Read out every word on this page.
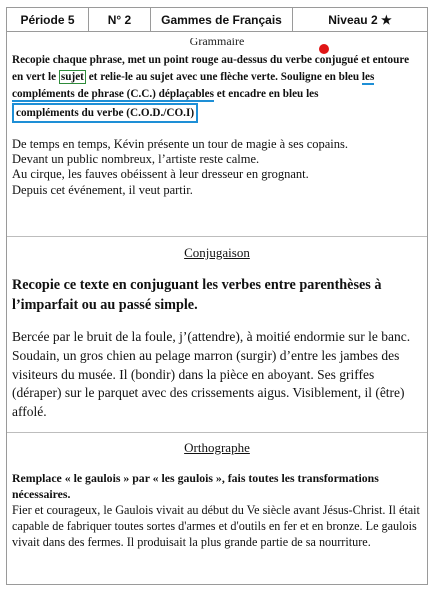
Période 5	N° 2	Gammes de Français	Niveau 2 ★
Grammaire
Recopie chaque phrase, met un point rouge au-dessus du verbe conjugué et entoure en vert le sujet et relie-le au sujet avec une flèche verte. Souligne en bleu les compléments de phrase (C.C.) déplaçables et encadre en bleu les
compléments du verbe (C.O.D./CO.I)
De temps en temps, Kévin présente un tour de magie à ses copains.
Devant un public nombreux, l’artiste reste calme.
Au cirque, les fauves obéissent à leur dresseur en grognant.
Depuis cet événement, il veut partir.
Conjugaison
Recopie ce texte en conjuguant les verbes entre parenthèses à l’imparfait ou au passé simple.
Bercée par le bruit de la foule, j’(attendre), à moitié endormie sur le banc. Soudain, un gros chien au pelage marron (surgir) d’entre les jambes des visiteurs du musée. Il (bondir) dans la pièce en aboyant. Ses griffes (déraper) sur le parquet avec des crissements aigus. Visiblement, il (être) affolé.
Orthographe
Remplace « le gaulois » par « les gaulois », fais toutes les transformations nécessaires.
Fier et courageux, le Gaulois vivait au début du Ve siècle avant Jésus-Christ. Il était capable de fabriquer toutes sortes d'armes et d'outils en fer et en bronze. Le gaulois vivait dans des fermes. Il produisait la plus grande partie de sa nourriture.
